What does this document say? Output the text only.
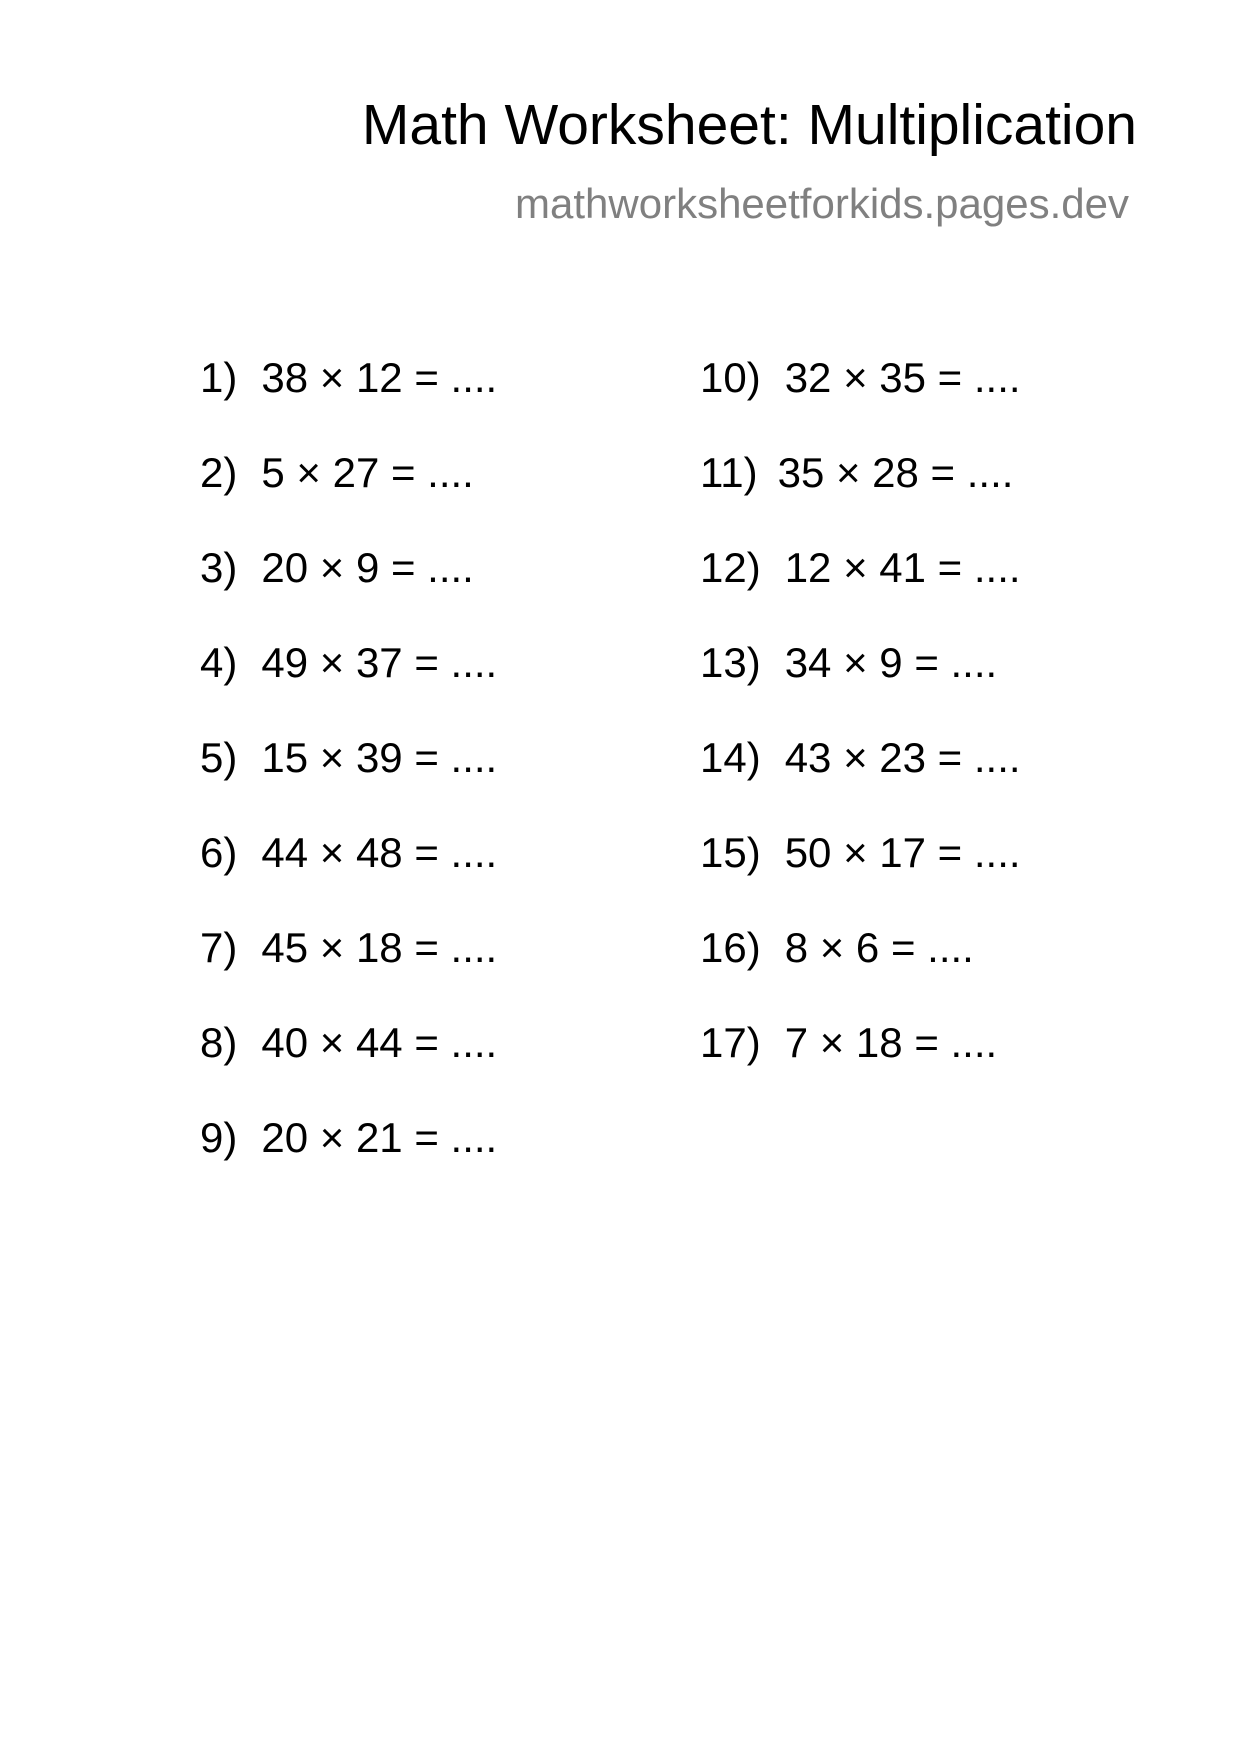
Math Worksheet: Multiplication
mathworksheetforkids.pages.dev
1) 38 × 12 = ....
2) 5 × 27 = ....
3) 20 × 9 = ....
4) 49 × 37 = ....
5) 15 × 39 = ....
6) 44 × 48 = ....
7) 45 × 18 = ....
8) 40 × 44 = ....
9) 20 × 21 = ....
10) 32 × 35 = ....
11) 35 × 28 = ....
12) 12 × 41 = ....
13) 34 × 9 = ....
14) 43 × 23 = ....
15) 50 × 17 = ....
16) 8 × 6 = ....
17) 7 × 18 = ....
